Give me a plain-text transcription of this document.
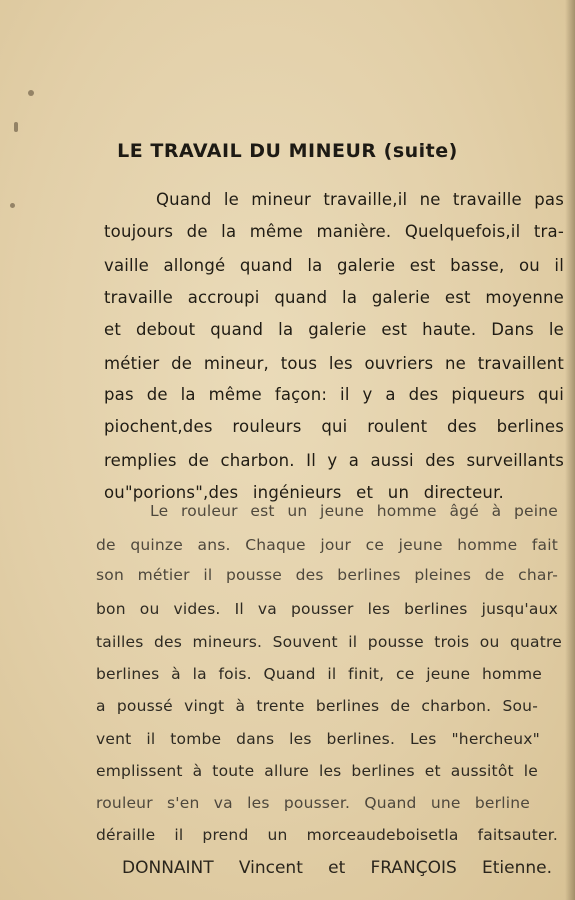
LE TRAVAIL DU MINEUR (suite)
Quand le mineur travaille,il ne travaille pas
toujours de la même manière. Quelquefois,il tra-
vaille allongé quand la galerie est basse, ou il
travaille accroupi quand la galerie est moyenne
et debout quand la galerie est haute. Dans le
métier de mineur, tous les ouvriers ne travaillent
pas de la même façon: il y a des piqueurs qui
piochent,des rouleurs qui roulent des berlines
remplies de charbon. Il y a aussi des surveillants
ou"porions",des ingénieurs et un directeur.
Le rouleur est un jeune homme âgé à peine
de quinze ans. Chaque jour ce jeune homme fait
son métier il pousse des berlines pleines de char-
bon ou vides. Il va pousser les berlines jusqu'aux
tailles des mineurs. Souvent il pousse trois ou quatre
berlines à la fois. Quand il finit, ce jeune homme
a poussé vingt à trente berlines de charbon. Sou-
vent il tombe dans les berlines. Les "hercheux"
emplissent à toute allure les berlines et aussitôt le
rouleur s'en va les pousser. Quand une berline
déraille il prend un morceaudeboisetla faitsauter.
DONNAINT Vincent et FRANÇOIS Etienne.
